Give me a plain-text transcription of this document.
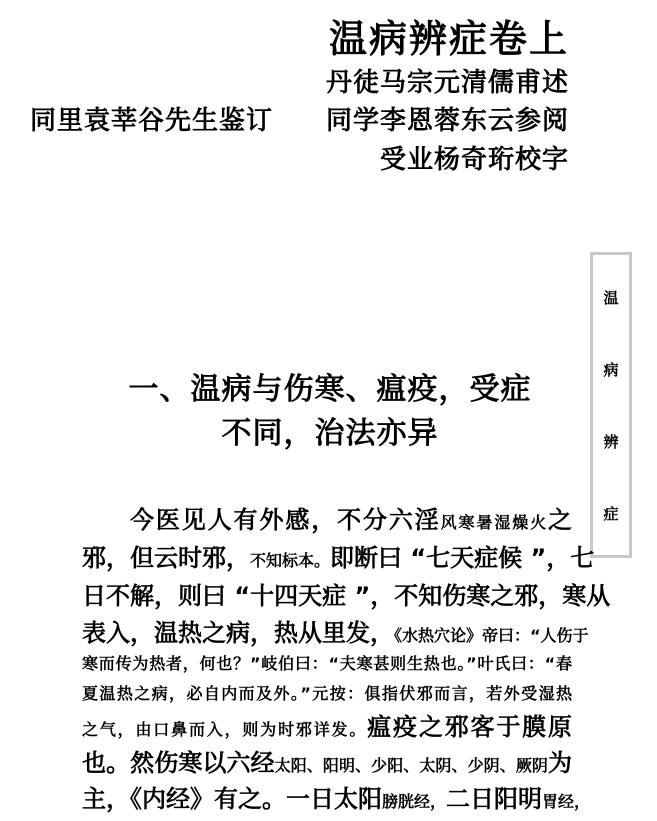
温病辨症卷上
丹徒马宗元清儒甫述
同里袁莘谷先生鉴订 同学李恩蓉东云参阅
受业杨奇珩校字
温
病
辨
症
一、温病与伤寒、瘟疫，受症
不同，治法亦异
今医见人有外感，不分六淫风寒暑湿燥火之
邪，但云时邪，不知标本。即断曰 “七天症候 ”，七
日不解，则曰 “十四天症 ”，不知伤寒之邪，寒从
表入，温热之病，热从里发，《水热穴论》帝曰：“人伤于
寒而传为热者，何也？”岐伯曰：“夫寒甚则生热也。”叶氏曰：“春
夏温热之病，必自内而及外。”元按：俱指伏邪而言，若外受湿热
之气，由口鼻而入，则为时邪详发。瘟疫之邪客于膜原
也。然伤寒以六经太阳、阳明、少阳、太阴、少阴、厥阴为
主，《内经》有之。一日太阳膀胱经，二日阳明胃经，
